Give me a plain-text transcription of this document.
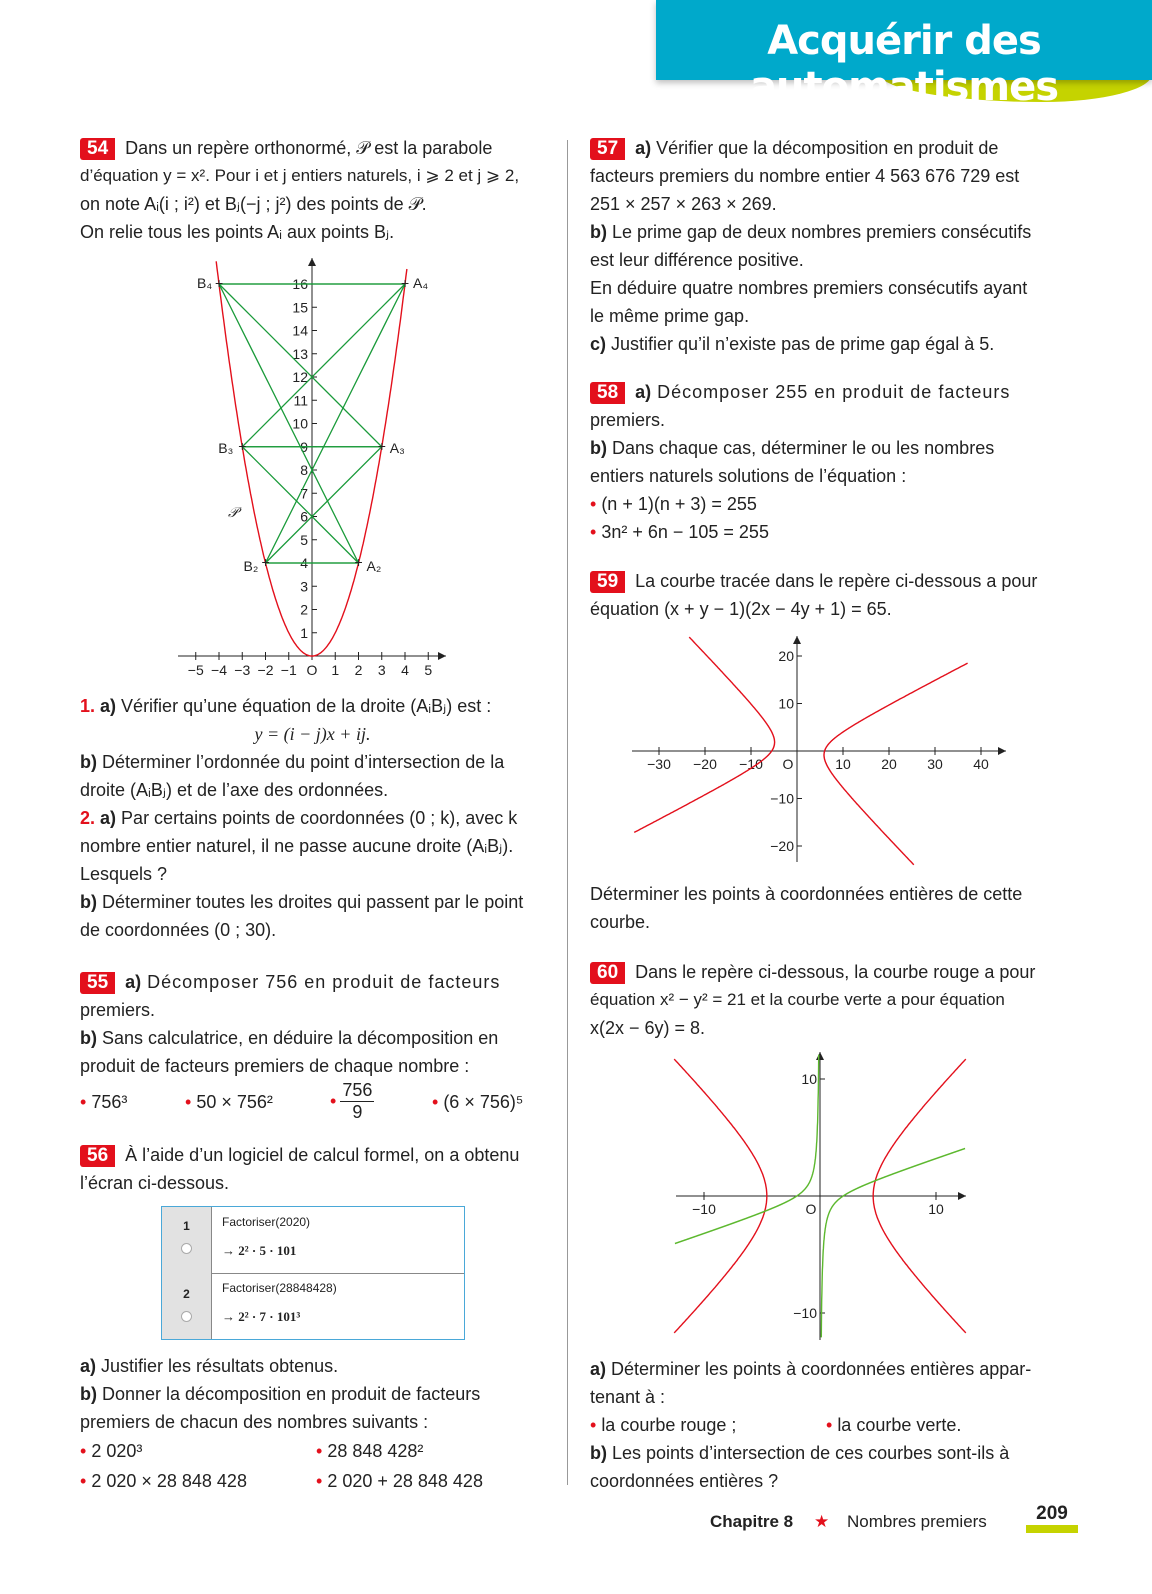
Acquérir des automatismes
54 Dans un repère orthonormé, 𝒫 est la parabole
d’équation y = x². Pour i et j entiers naturels, i ⩾ 2 et j ⩾ 2,
on note Aᵢ(i ; i²) et Bⱼ(−j ; j²) des points de 𝒫.
On relie tous les points Aᵢ aux points Bⱼ.
−5 −4 −3 −2 −1 O 1 2 3 4 5
1
2
3
4
5
6
7
8
9
10
11
12
13
14
15
16
B₄ +	A₄
+
B₃ +	A₃
+
B₂ +	A₂
+
𝒫
1. a) Vérifier qu’une équation de la droite (AᵢBⱼ) est :
y = (i − j)x + ij.
b) Déterminer l’ordonnée du point d’intersection de la
droite (AᵢBⱼ) et de l’axe des ordonnées.
2. a) Par certains points de coordonnées (0 ; k), avec k
nombre entier naturel, il ne passe aucune droite (AᵢBⱼ).
Lesquels ?
b) Déterminer toutes les droites qui passent par le point
de coordonnées (0 ; 30).
55 a) Décomposer 756 en produit de facteurs
premiers.
b) Sans calculatrice, en déduire la décomposition en
produit de facteurs premiers de chaque nombre :
• 756³	• 50 × 756²	• $\frac{756}{9}$	• (6 × 756)⁵
56 À l’aide d’un logiciel de calcul formel, on a obtenu
l’écran ci-dessous.
1	Factoriser(2020)
→ 2² · 5 · 101
2	Factoriser(28848428)
→ 2² · 7 · 101³
a) Justifier les résultats obtenus.
b) Donner la décomposition en produit de facteurs
premiers de chacun des nombres suivants :
• 2 020³	• 28 848 428²
• 2 020 × 28 848 428	• 2 020 + 28 848 428
57 a) Vérifier que la décomposition en produit de
facteurs premiers du nombre entier 4 563 676 729 est
251 × 257 × 263 × 269.
b) Le prime gap de deux nombres premiers consécutifs
est leur différence positive.
En déduire quatre nombres premiers consécutifs ayant
le même prime gap.
c) Justifier qu’il n’existe pas de prime gap égal à 5.
58 a) Décomposer 255 en produit de facteurs
premiers.
b) Dans chaque cas, déterminer le ou les nombres
entiers naturels solutions de l’équation :
• (n + 1)(n + 3) = 255
• 3n² + 6n − 105 = 255
59 La courbe tracée dans le repère ci-dessous a pour
équation (x + y − 1)(2x − 4y + 1) = 65.
Déterminer les points à coordonnées entières de cette
courbe.
60 Dans le repère ci-dessous, la courbe rouge a pour
équation x² − y² = 21 et la courbe verte a pour équation
x(2x − 6y) = 8.
a) Déterminer les points à coordonnées entières appar-
tenant à :
• la courbe rouge ;	• la courbe verte.
b) Les points d’intersection de ces courbes sont-ils à
coordonnées entières ?
−30 −20 −10 O	10 20 30 40
20
10
−10
−20
−10	O	10
10
−10
Chapitre 8 ★ Nombres premiers	209
